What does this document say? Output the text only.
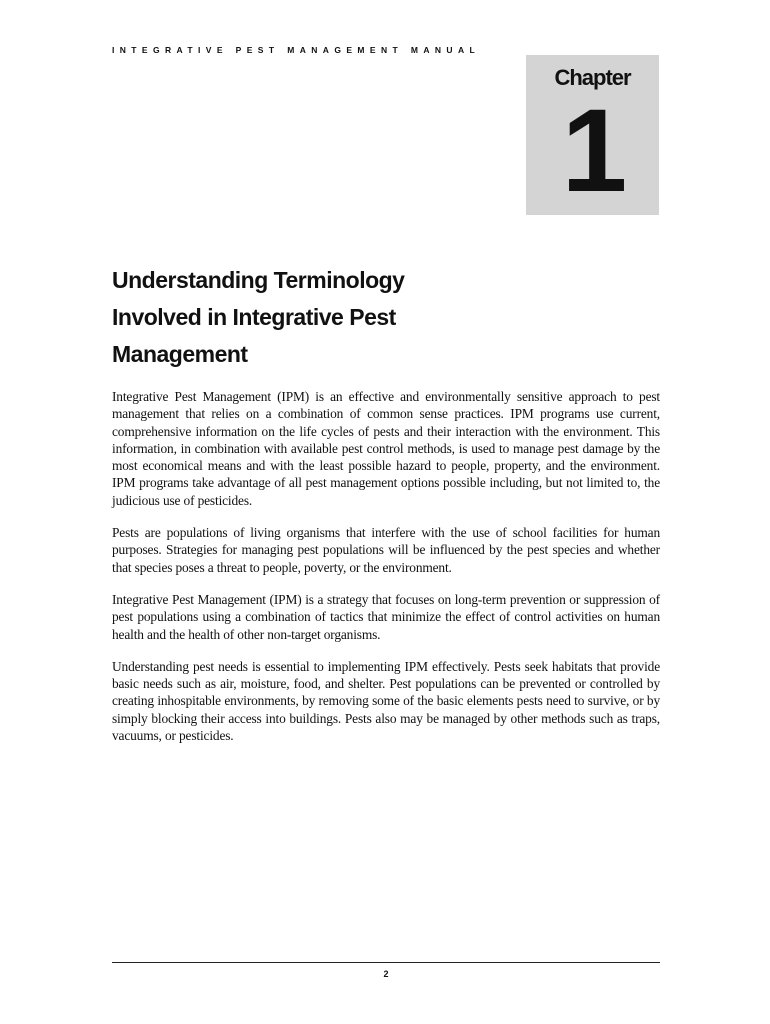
INTEGRATIVE PEST MANAGEMENT MANUAL
Chapter
1
Understanding Terminology
Involved in Integrative Pest
Management

Integrative Pest Management (IPM) is an effective and environmentally sensitive approach to pest management that relies on a combination of common sense practices. IPM programs use current, comprehensive information on the life cycles of pests and their interaction with the environment. This information, in combination with available pest control methods, is used to manage pest damage by the most economical means and with the least possible hazard to people, property, and the environment. IPM programs take advantage of all pest management options possible including, but not limited to, the judicious use of pesticides.

Pests are populations of living organisms that interfere with the use of school facilities for human purposes. Strategies for managing pest populations will be influenced by the pest species and whether that species poses a threat to people, poverty, or the environment.

Integrative Pest Management (IPM) is a strategy that focuses on long-term prevention or suppression of pest populations using a combination of tactics that minimize the effect of control activities on human health and the health of other non-target organisms.

Understanding pest needs is essential to implementing IPM effectively. Pests seek habitats that provide basic needs such as air, moisture, food, and shelter. Pest populations can be prevented or controlled by creating inhospitable environments, by removing some of the basic elements pests need to survive, or by simply blocking their access into buildings. Pests also may be managed by other methods such as traps, vacuums, or pesticides.

2
